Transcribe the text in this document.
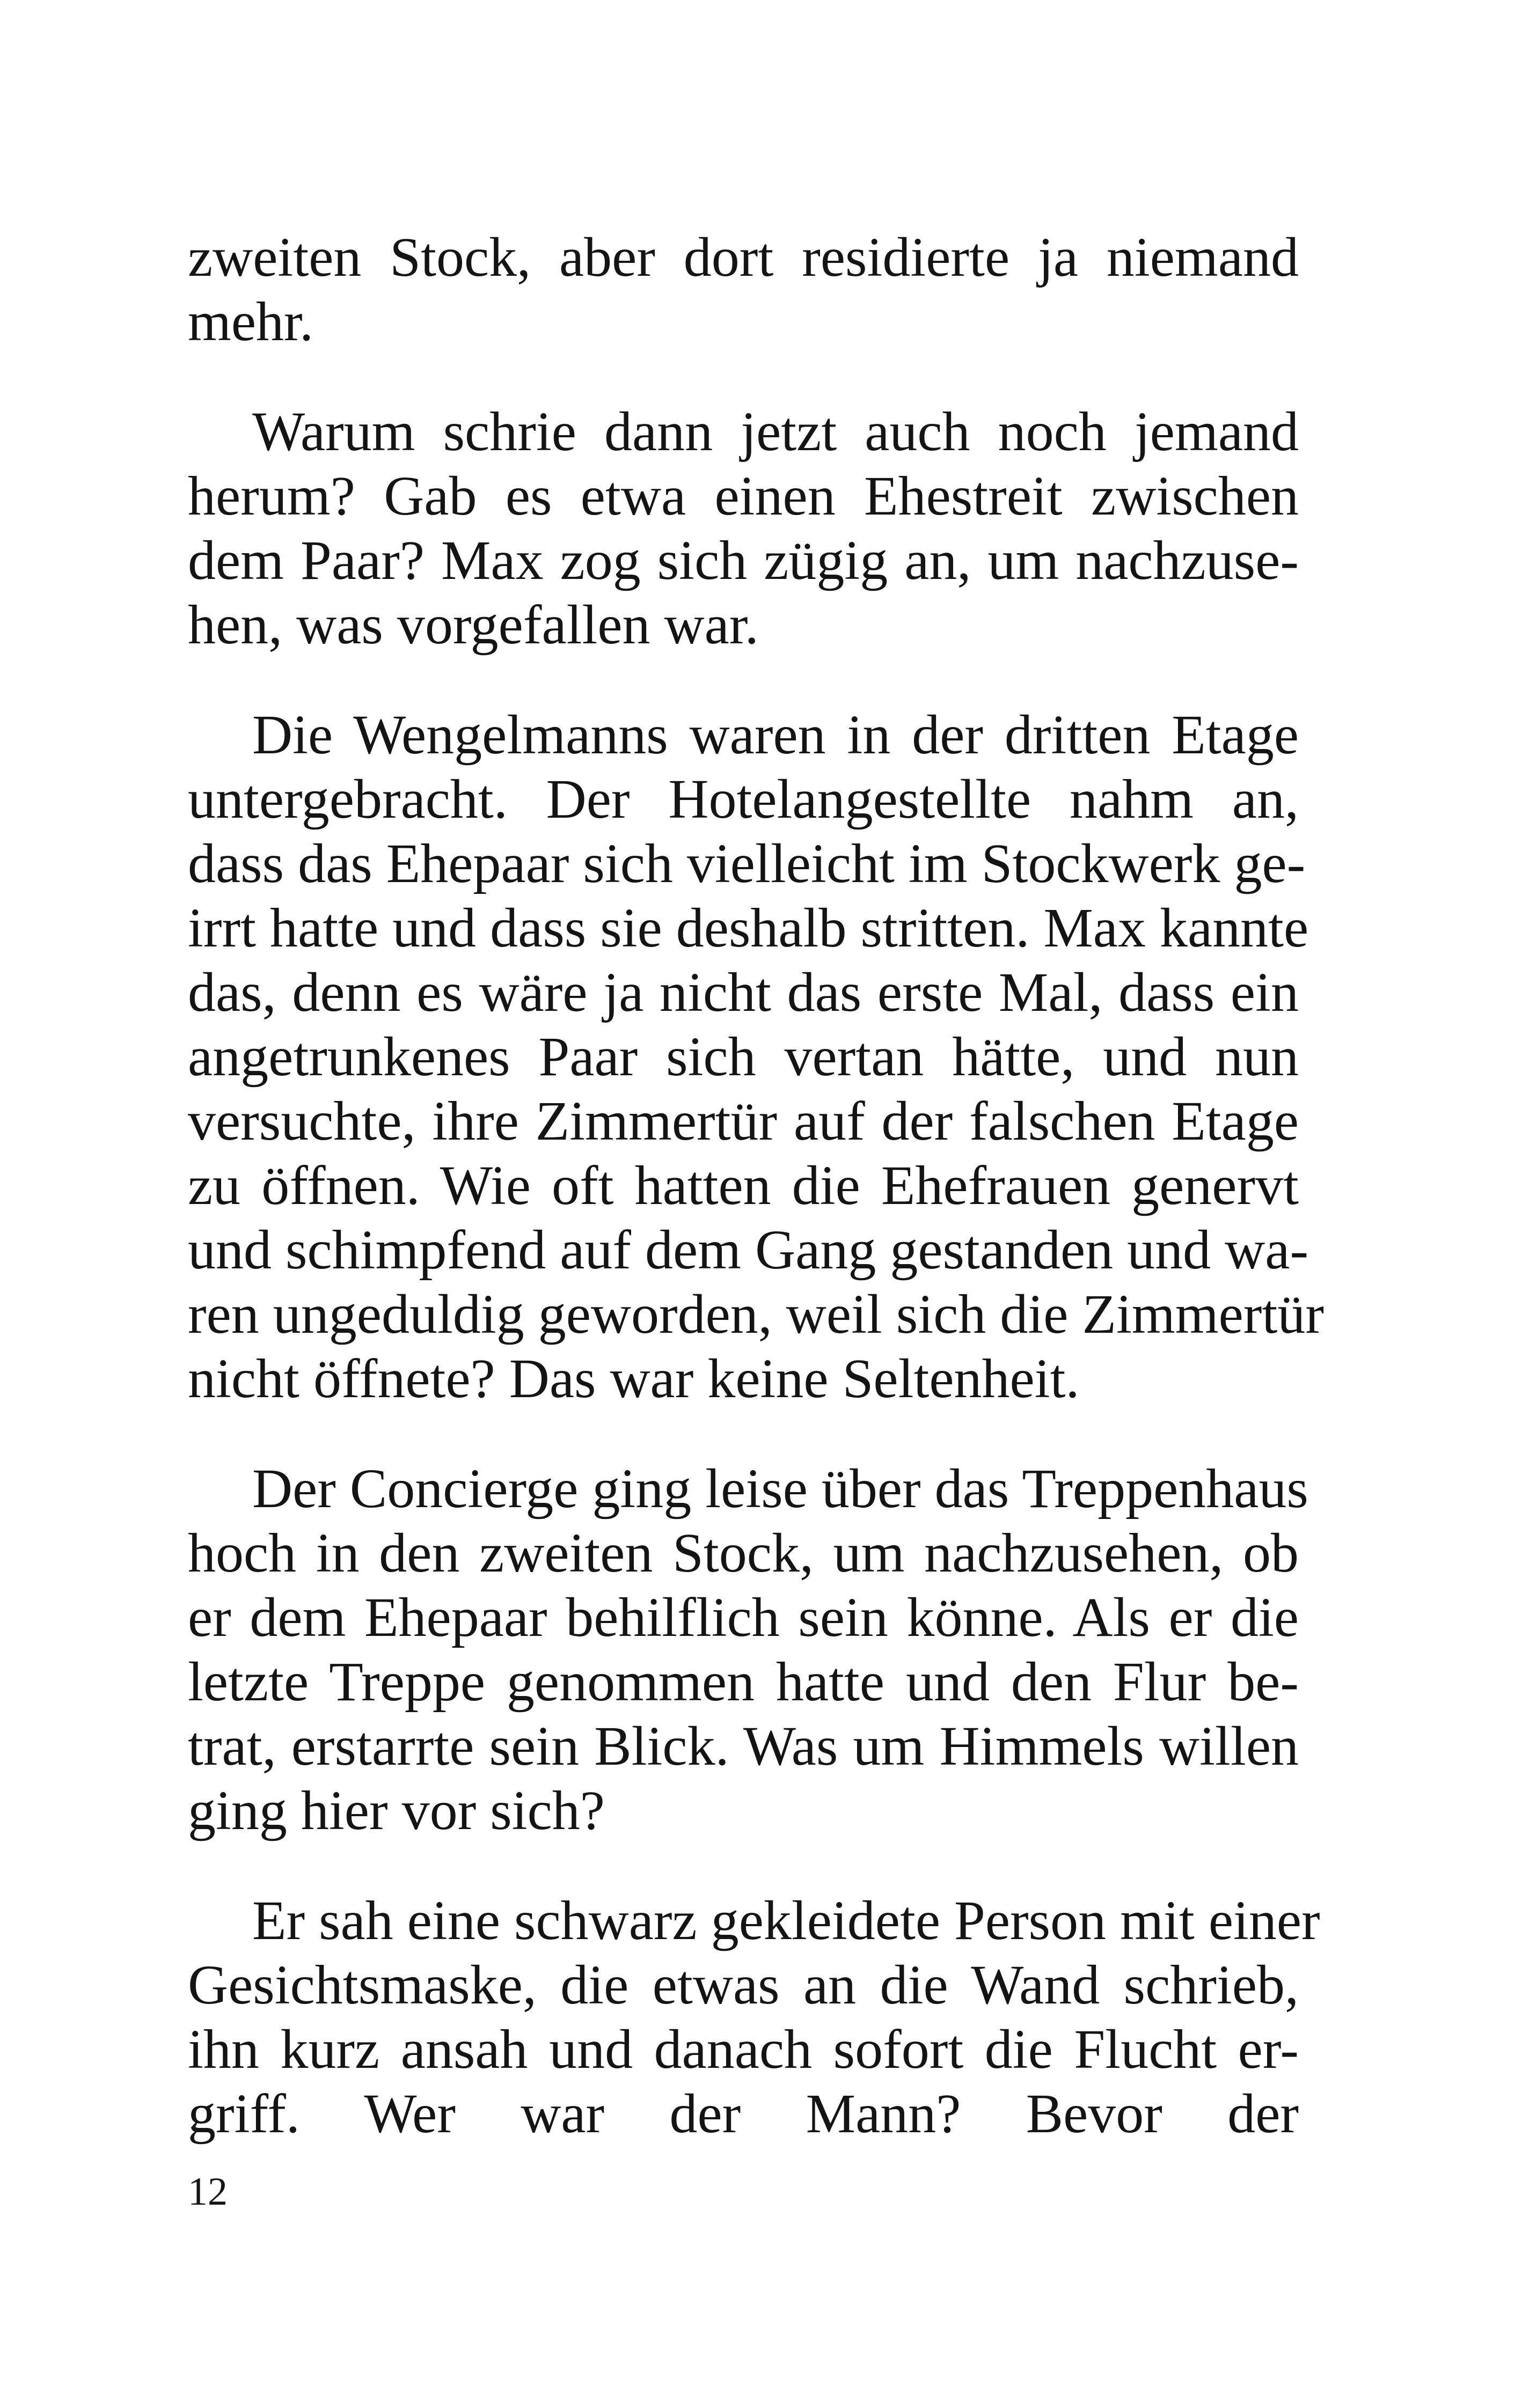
zweiten Stock, aber dort residierte ja niemand
mehr.
Warum schrie dann jetzt auch noch jemand
herum? Gab es etwa einen Ehestreit zwischen
dem Paar? Max zog sich zügig an, um nachzuse-
hen, was vorgefallen war.
Die Wengelmanns waren in der dritten Etage
untergebracht. Der Hotelangestellte nahm an,
dass das Ehepaar sich vielleicht im Stockwerk ge-
irrt hatte und dass sie deshalb stritten. Max kannte
das, denn es wäre ja nicht das erste Mal, dass ein
angetrunkenes Paar sich vertan hätte, und nun
versuchte, ihre Zimmertür auf der falschen Etage
zu öffnen. Wie oft hatten die Ehefrauen genervt
und schimpfend auf dem Gang gestanden und wa-
ren ungeduldig geworden, weil sich die Zimmertür
nicht öffnete? Das war keine Seltenheit.
Der Concierge ging leise über das Treppenhaus
hoch in den zweiten Stock, um nachzusehen, ob
er dem Ehepaar behilflich sein könne. Als er die
letzte Treppe genommen hatte und den Flur be-
trat, erstarrte sein Blick. Was um Himmels willen
ging hier vor sich?
Er sah eine schwarz gekleidete Person mit einer
Gesichtsmaske, die etwas an die Wand schrieb,
ihn kurz ansah und danach sofort die Flucht er-
griff. Wer war der Mann? Bevor der
12
